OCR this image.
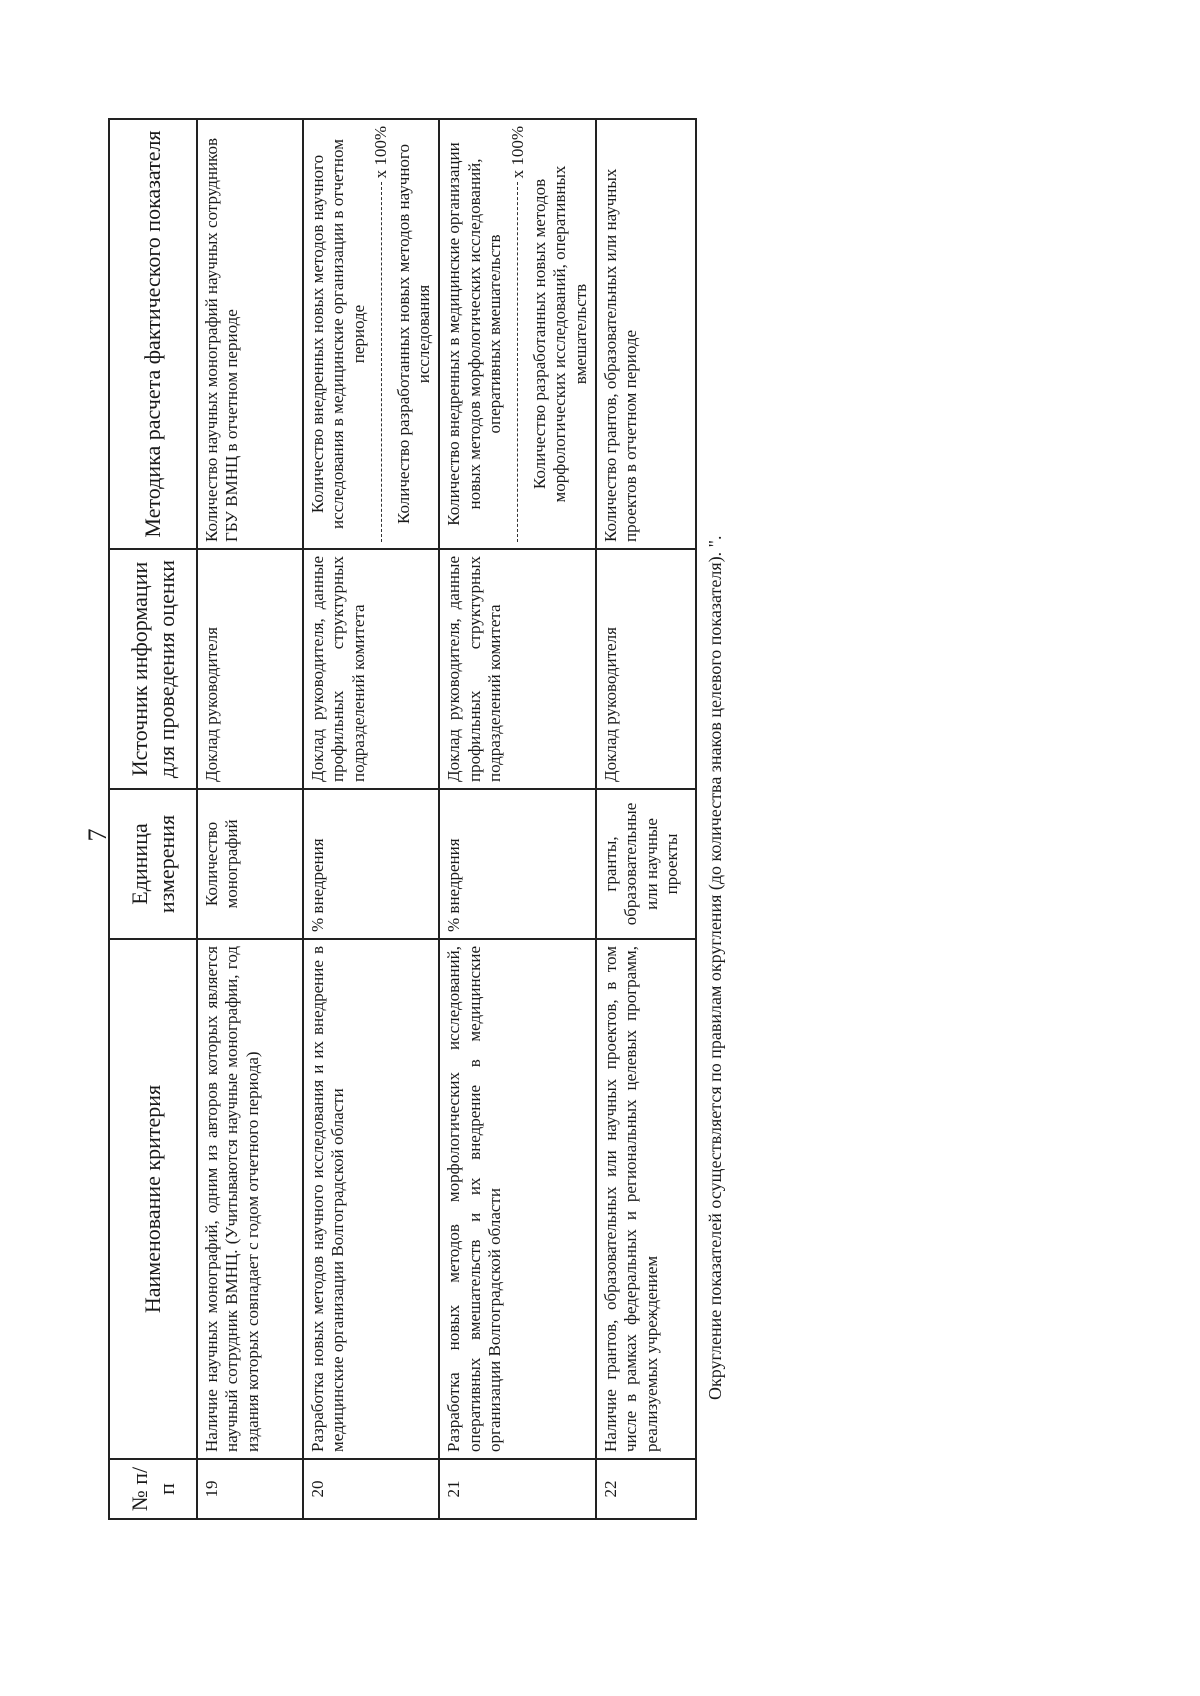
7
№ п/п	Наименование критерия	Единица измерения	Источник информации для проведения оценки	Методика расчета фактического показателя
19	Наличие научных монографий, одним из авторов которых является научный сотрудник ВМНЦ. (Учитываются научные монографии, год издания которых совпадает с годом отчетного периода)	Количество монографий	Доклад руководителя	Количество научных монографий научных сотрудников ГБУ ВМНЦ в отчетном периоде
20	Разработка новых методов научного исследования и их внедрение в медицинские организации Волгоградской области	% внедрения	Доклад руководителя, данные профильных структурных подразделений комитета	Количество внедренных новых методов научного исследования в медицинские организации в отчетном периоде
x 100% Количество разработанных новых методов научного исследования

21	Разработка новых методов морфологических исследований, оперативных вмешательств и их внедрение в медицинские организации Волгоградской области	% внедрения	Доклад руководителя, данные профильных структурных подразделений комитета	Количество внедренных в медицинские организации новых методов морфологических исследований, оперативных вмешательств
x 100%
Количество разработанных новых методов морфологических исследований, оперативных вмешательств

22	Наличие грантов, образовательных или научных проектов, в том числе в рамках федеральных и региональных целевых программ, реализуемых учреждением	гранты, образовательные или научные проекты	Доклад руководителя	Количество грантов, образовательных или научных проектов в отчетном периоде
Округление показателей осуществляется по правилам округления (до количества знаков целевого показателя). ".
